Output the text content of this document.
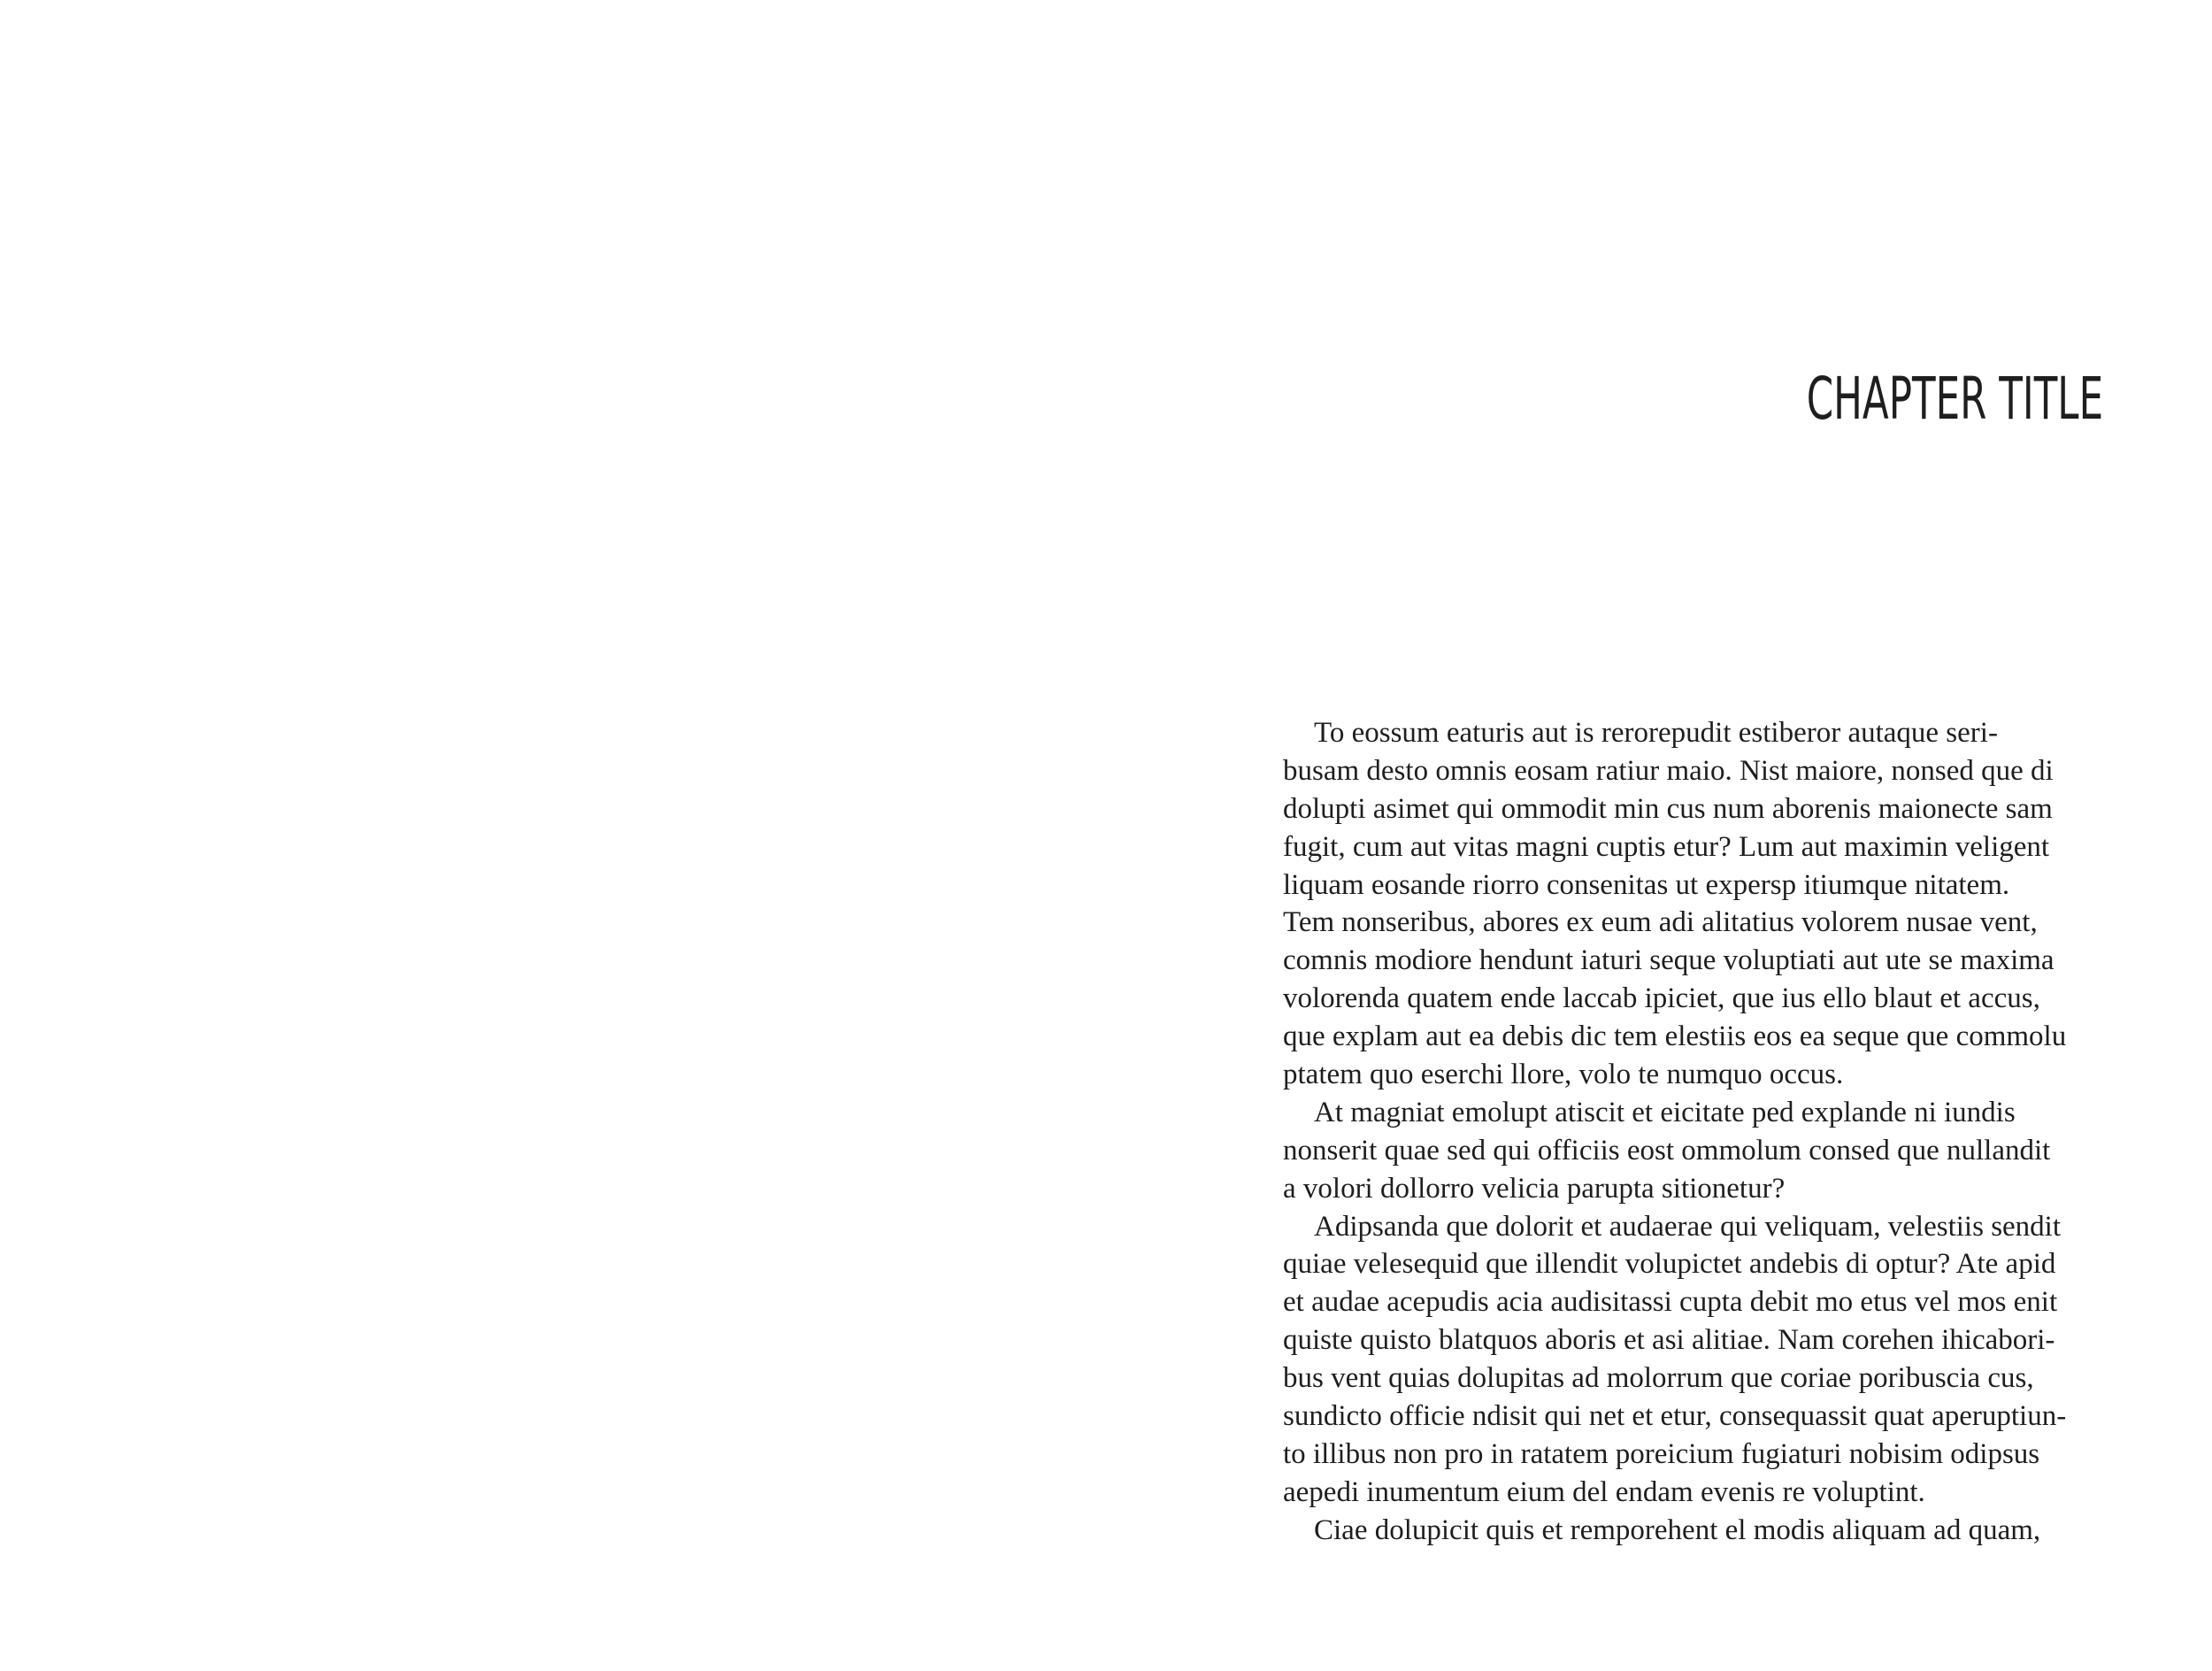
CHAPTER TITLE
To eossum eaturis aut is rerorepudit estiberor autaque seri-
busam desto omnis eosam ratiur maio. Nist maiore, nonsed que di
dolupti asimet qui ommodit min cus num aborenis maionecte sam
fugit, cum aut vitas magni cuptis etur? Lum aut maximin veligent
liquam eosande riorro consenitas ut expersp itiumque nitatem.
Tem nonseribus, abores ex eum adi alitatius volorem nusae vent,
comnis modiore hendunt iaturi seque voluptiati aut ute se maxima
volorenda quatem ende laccab ipiciet, que ius ello blaut et accus,
que explam aut ea debis dic tem elestiis eos ea seque que commolu
ptatem quo eserchi llore, volo te numquo occus.
At magniat emolupt atiscit et eicitate ped explande ni iundis
nonserit quae sed qui officiis eost ommolum consed que nullandit
a volori dollorro velicia parupta sitionetur?
Adipsanda que dolorit et audaerae qui veliquam, velestiis sendit
quiae velesequid que illendit volupictet andebis di optur? Ate apid
et audae acepudis acia audisitassi cupta debit mo etus vel mos enit
quiste quisto blatquos aboris et asi alitiae. Nam corehen ihicabori-
bus vent quias dolupitas ad molorrum que coriae poribuscia cus,
sundicto officie ndisit qui net et etur, consequassit quat aperuptiun-
to illibus non pro in ratatem poreicium fugiaturi nobisim odipsus
aepedi inumentum eium del endam evenis re voluptint.
Ciae dolupicit quis et remporehent el modis aliquam ad quam,
